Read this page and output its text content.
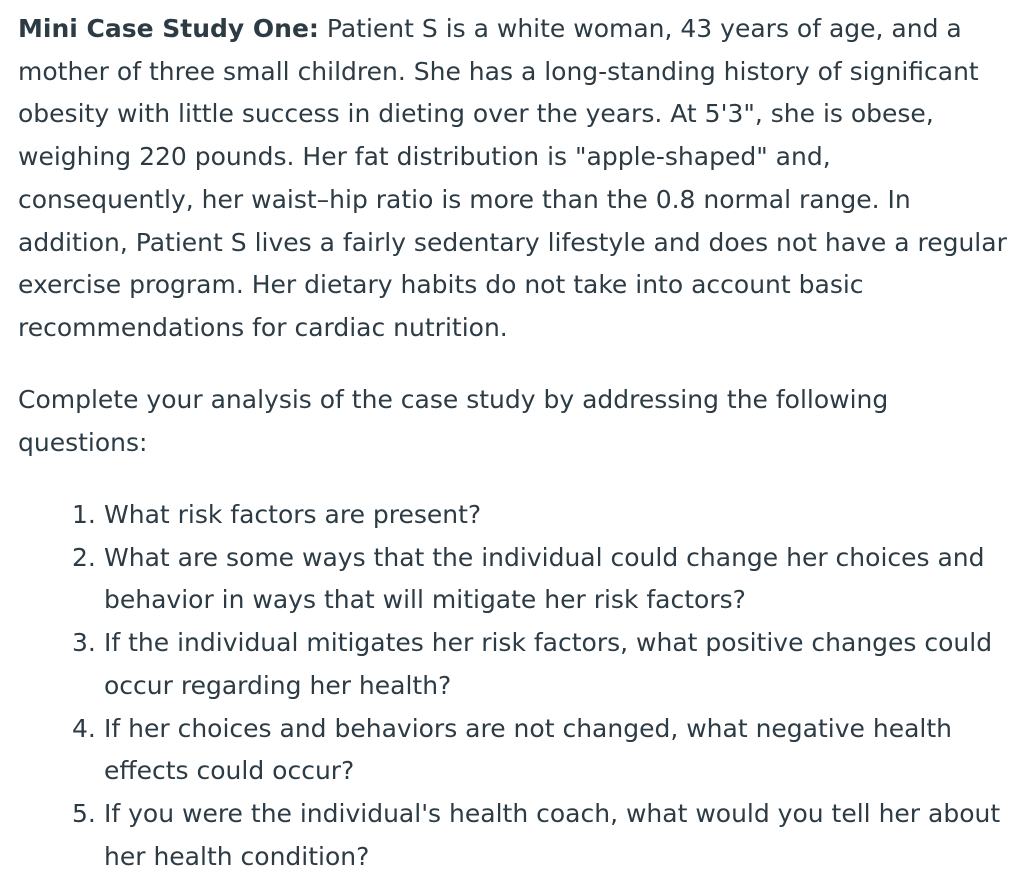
Mini Case Study One: Patient S is a white woman, 43 years of age, and a mother of three small children. She has a long-standing history of significant obesity with little success in dieting over the years. At 5'3", she is obese, weighing 220 pounds. Her fat distribution is "apple-shaped" and, consequently, her waist–hip ratio is more than the 0.8 normal range. In addition, Patient S lives a fairly sedentary lifestyle and does not have a regular exercise program. Her dietary habits do not take into account basic recommendations for cardiac nutrition.

Complete your analysis of the case study by addressing the following questions:

1. What risk factors are present?
2. What are some ways that the individual could change her choices and behavior in ways that will mitigate her risk factors?
3. If the individual mitigates her risk factors, what positive changes could occur regarding her health?
4. If her choices and behaviors are not changed, what negative health effects could occur?
5. If you were the individual's health coach, what would you tell her about her health condition?
